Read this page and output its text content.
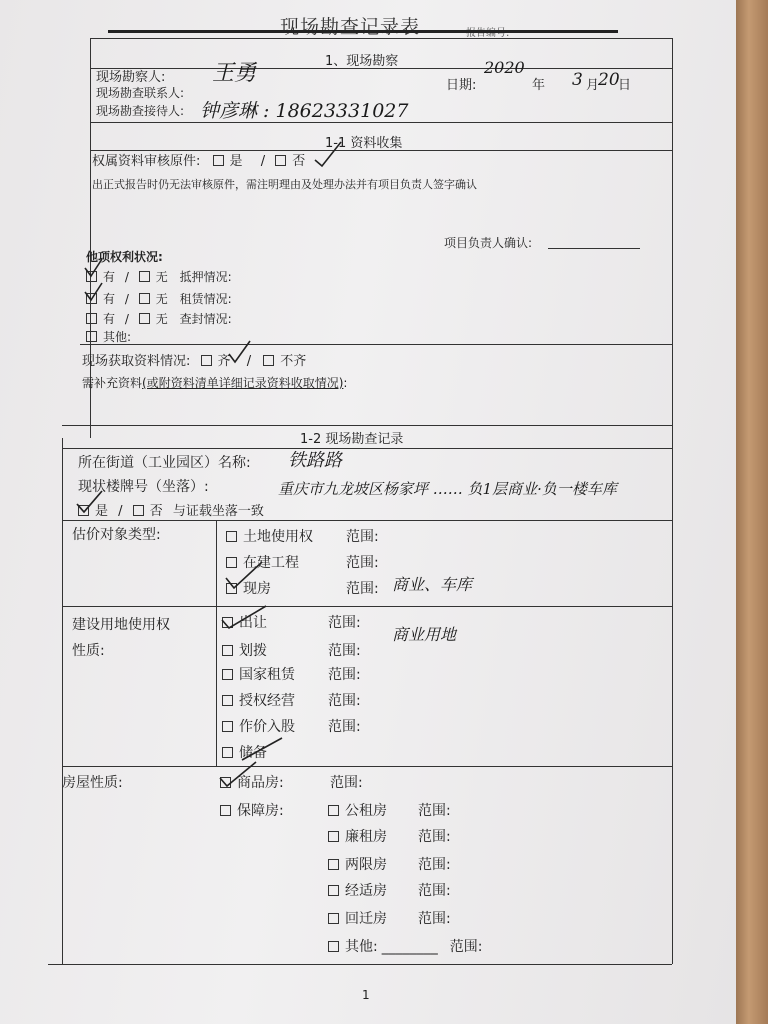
现场勘查记录表	报告编号:
1、现场勘察
现场勘察人: 王勇	日期:
2020
年 3 月
20
日
现场勘查联系人:
现场勘查接待人: 钟彦琳 : 18623331027
1-1 资料收集
权属资料审核原件: 是 / 否
出正式报告时仍无法审核原件，需注明理由及处理办法并有项目负责人签字确认
项目负责人确认:
他项权利状况:
有 / 无 抵押情况:
有 / 无 租赁情况:
有 / 无 查封情况:
其他:
现场获取资料情况: 齐 / 不齐
需补充资料(或附资料清单详细记录资料收取情况):
1-2 现场勘查记录
所在街道（工业园区）名称: 铁路路
现状楼牌号（坐落）:	重庆市九龙坡区杨家坪 …… 负1层商业·负一楼车库
是 / 否 与证载坐落一致
估价对象类型:	土地使用权 范围:
在建工程	范围:
现房	范围: 商业、车库
建设用地使用权
性质:
出让	范围:
划拨	范围:
国家租赁 范围:
授权经营 范围:
作价入股 范围:
储备
商业用地
房屋性质:	商品房:	范围:
保障房:	公租房 范围:
廉租房 范围:
两限房 范围:
经适房 范围:
回迁房 范围:
其他: ________ 范围:
1
